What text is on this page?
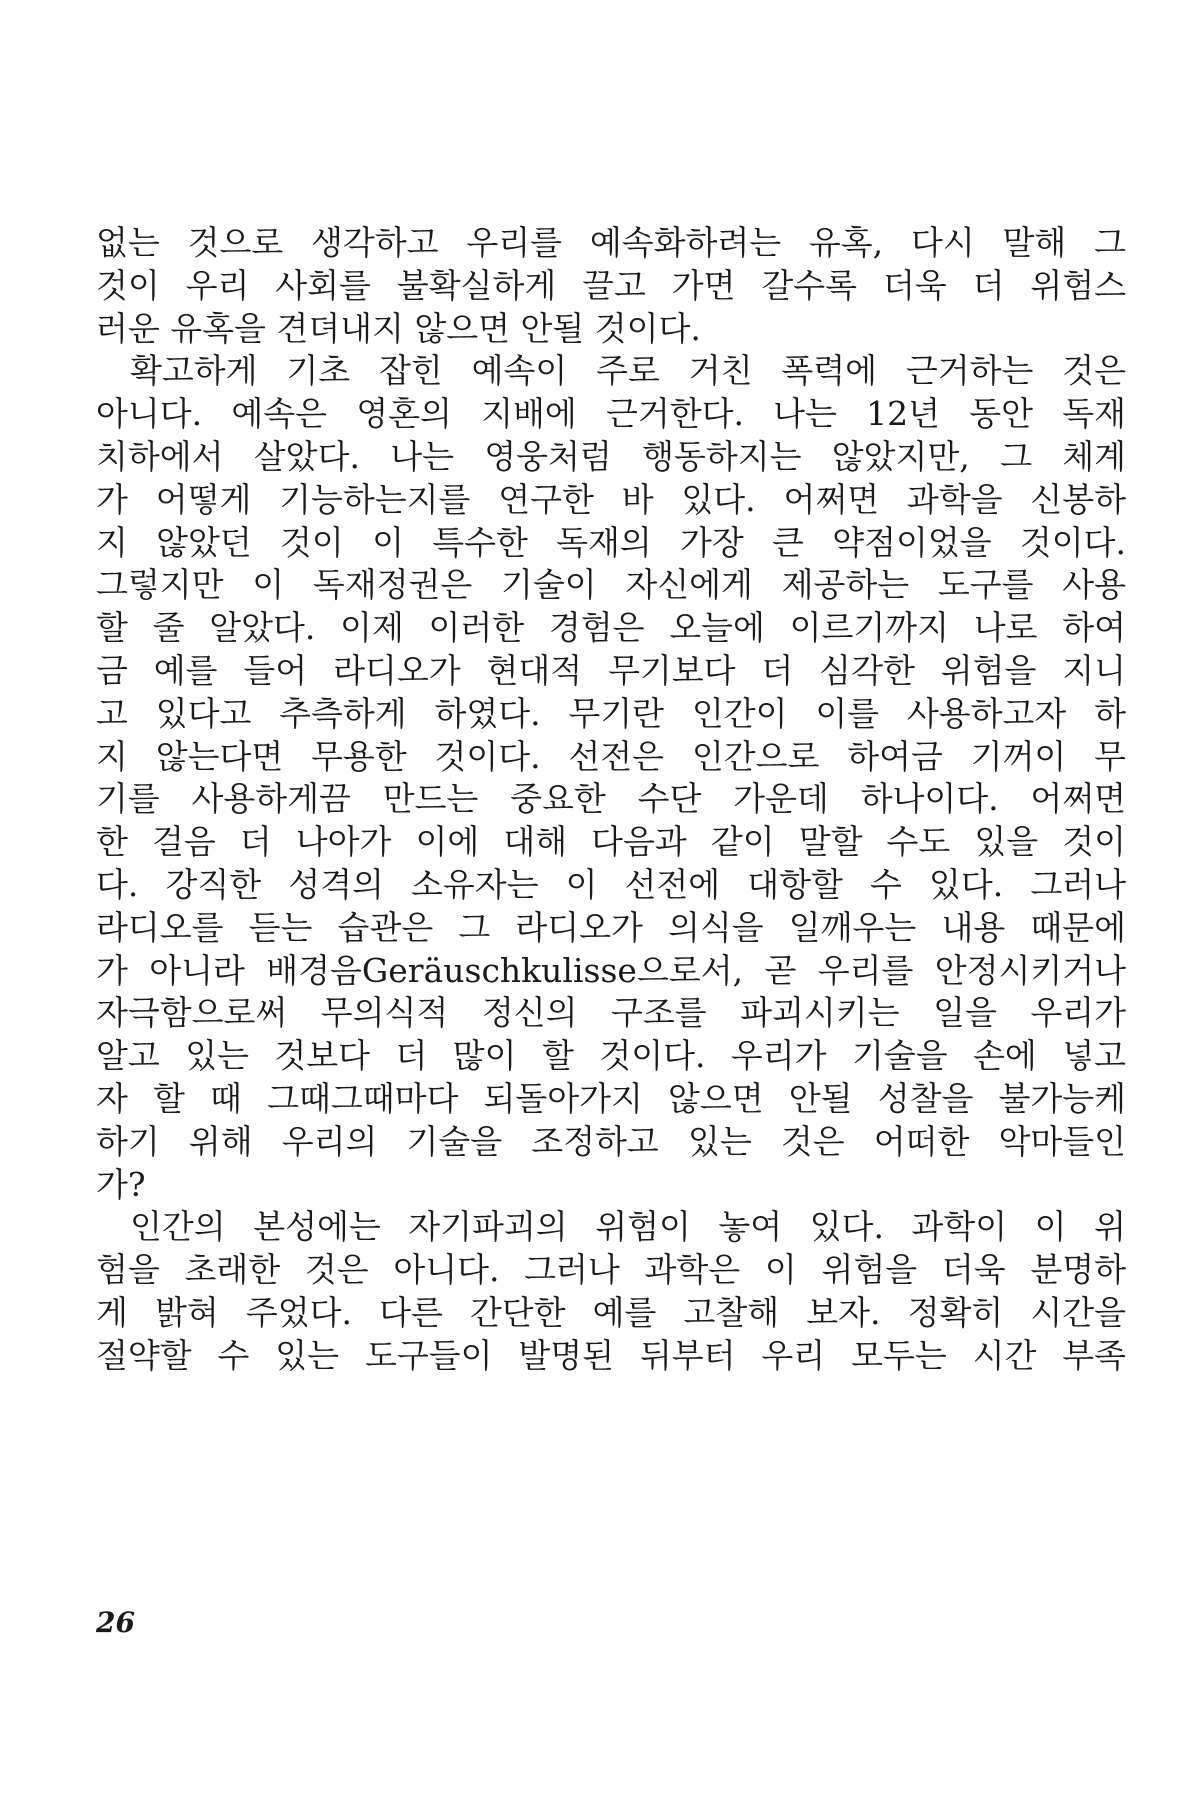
없는 것으로 생각하고 우리를 예속화하려는 유혹, 다시 말해 그
것이 우리 사회를 불확실하게 끌고 가면 갈수록 더욱 더 위험스
러운 유혹을 견뎌내지 않으면 안될 것이다.
확고하게 기초 잡힌 예속이 주로 거친 폭력에 근거하는 것은
아니다. 예속은 영혼의 지배에 근거한다. 나는 12년 동안 독재
치하에서 살았다. 나는 영웅처럼 행동하지는 않았지만, 그 체계
가 어떻게 기능하는지를 연구한 바 있다. 어쩌면 과학을 신봉하
지 않았던 것이 이 특수한 독재의 가장 큰 약점이었을 것이다.
그렇지만 이 독재정권은 기술이 자신에게 제공하는 도구를 사용
할 줄 알았다. 이제 이러한 경험은 오늘에 이르기까지 나로 하여
금 예를 들어 라디오가 현대적 무기보다 더 심각한 위험을 지니
고 있다고 추측하게 하였다. 무기란 인간이 이를 사용하고자 하
지 않는다면 무용한 것이다. 선전은 인간으로 하여금 기꺼이 무
기를 사용하게끔 만드는 중요한 수단 가운데 하나이다. 어쩌면
한 걸음 더 나아가 이에 대해 다음과 같이 말할 수도 있을 것이
다. 강직한 성격의 소유자는 이 선전에 대항할 수 있다. 그러나
라디오를 듣는 습관은 그 라디오가 의식을 일깨우는 내용 때문에
가 아니라 배경음Geräuschkulisse으로서, 곧 우리를 안정시키거나
자극함으로써 무의식적 정신의 구조를 파괴시키는 일을 우리가
알고 있는 것보다 더 많이 할 것이다. 우리가 기술을 손에 넣고
자 할 때 그때그때마다 되돌아가지 않으면 안될 성찰을 불가능케
하기 위해 우리의 기술을 조정하고 있는 것은 어떠한 악마들인
가?
인간의 본성에는 자기파괴의 위험이 놓여 있다. 과학이 이 위
험을 초래한 것은 아니다. 그러나 과학은 이 위험을 더욱 분명하
게 밝혀 주었다. 다른 간단한 예를 고찰해 보자. 정확히 시간을
절약할 수 있는 도구들이 발명된 뒤부터 우리 모두는 시간 부족
26
